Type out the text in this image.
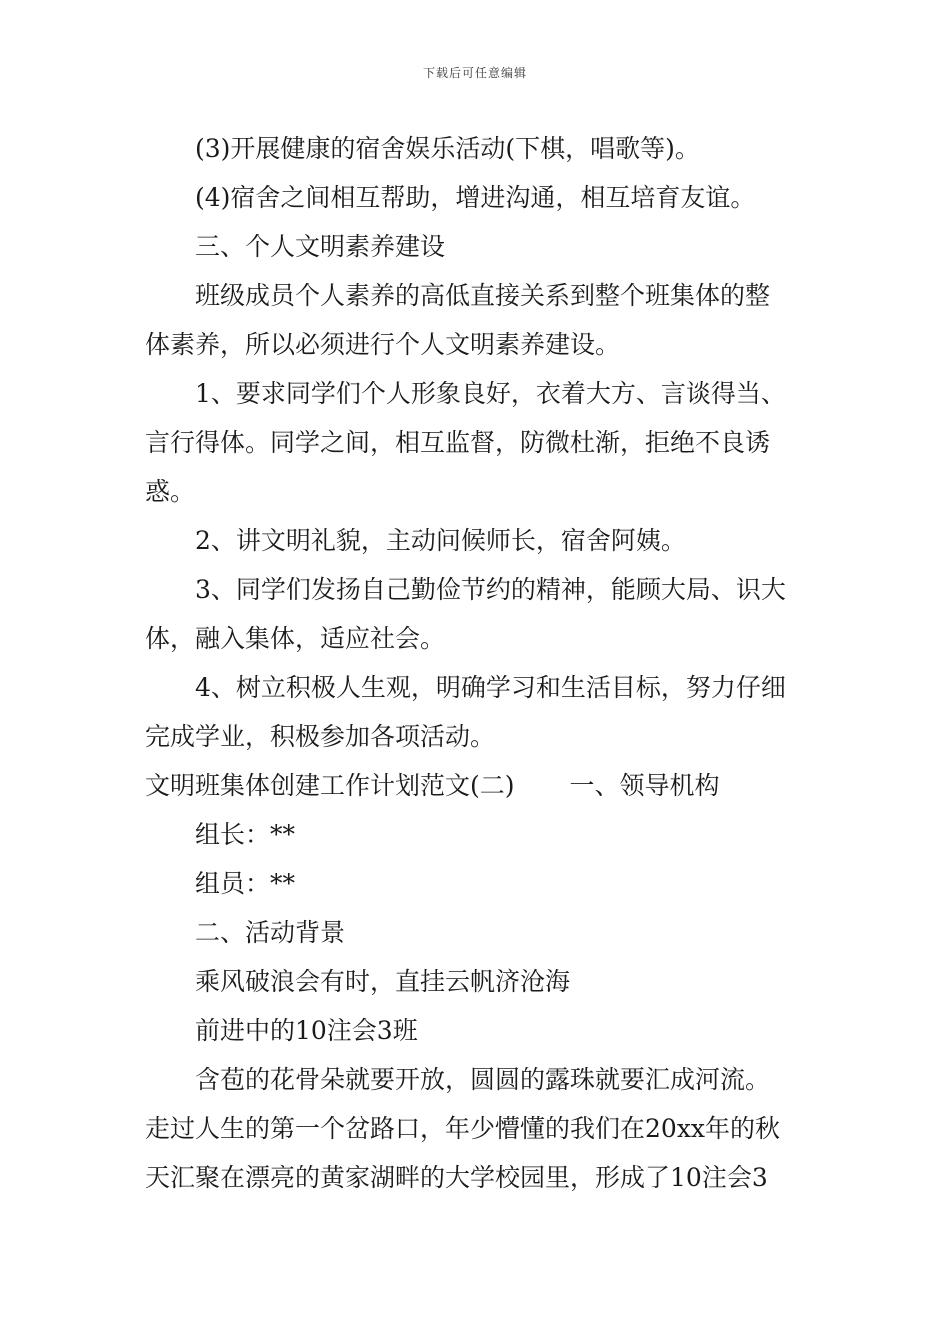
下载后可任意编辑

(3)开展健康的宿舍娱乐活动(下棋，唱歌等)。

(4)宿舍之间相互帮助，增进沟通，相互培育友谊。

三、个人文明素养建设

班级成员个人素养的高低直接关系到整个班集体的整

体素养，所以必须进行个人文明素养建设。

1、要求同学们个人形象良好，衣着大方、言谈得当、

言行得体。同学之间，相互监督，防微杜渐，拒绝不良诱

惑。

2、讲文明礼貌，主动问候师长，宿舍阿姨。

3、同学们发扬自己勤俭节约的精神，能顾大局、识大

体，融入集体，适应社会。

4、树立积极人生观，明确学习和生活目标，努力仔细

完成学业，积极参加各项活动。

文明班集体创建工作计划范文(二) 一、领导机构

组长：**

组员：**

二、活动背景

乘风破浪会有时，直挂云帆济沧海

前进中的10注会3班

含苞的花骨朵就要开放，圆圆的露珠就要汇成河流。

走过人生的第一个岔路口，年少懵懂的我们在20xx年的秋

天汇聚在漂亮的黄家湖畔的大学校园里，形成了10注会3
